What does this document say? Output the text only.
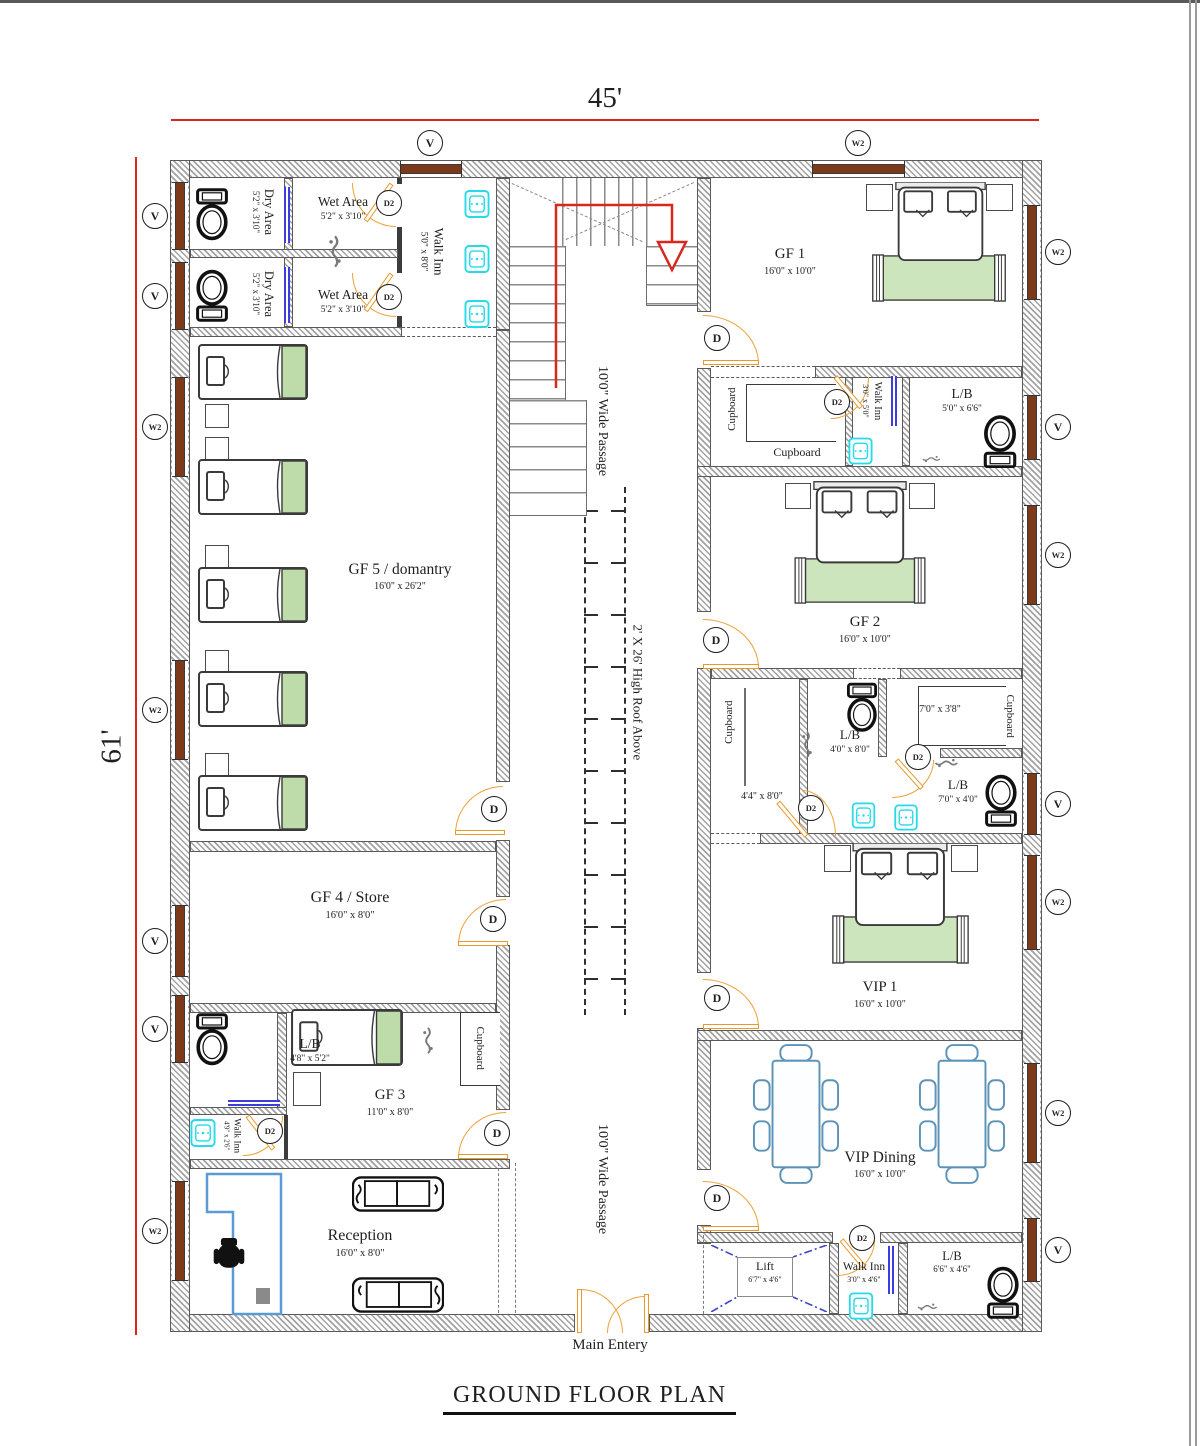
45'
61'
Dry Area
5'2" x 3'10"
Dry Area
5'2" x 3'10"
Wet Area
5'2" x 3'10"
Wet Area
5'2" x 3'10"
Walk Inn
5'0" x 8'0"
GF 5 / domantry
16'0" x 26'2"
GF 4 / Store
16'0" x 8'0"
L/B
4'8" x 5'2"
Walk Inn
4'9" x 2'6"
GF 3
11'0" x 8'0"
Reception
16'0" x 8'0"
GF 1
16'0" x 10'0"
Walk Inn
3'0" x 5'0"	L/B
5'0" x 6'6"
GF 2
16'0" x 10'0"
Cupboard
Cupboard
4'4" x 8'0"
L/B
4'0" x 8'0"
7'0" x 3'8"
Cupboard	Cupboard
L/B
7'0" x 4'0"
VIP 1
16'0" x 10'0"
VIP Dining
16'0" x 10'0"
Lift
6'7" x 4'6"
Walk Inn
3'0" x 4'6"
L/B
6'6" x 4'6"
Cupboard
10'0" Wide Passage
2' X 26' High Roof Above
10'0" Wide Passage
Main Entery
GROUND FLOOR PLAN
V
V
W2
W2
V
V
W2
V	W2
W2
V
W2
V
W2
W2
V
D2
D2
D
D
D2	D
D
D2
D
D2
D2
D
D
D2
